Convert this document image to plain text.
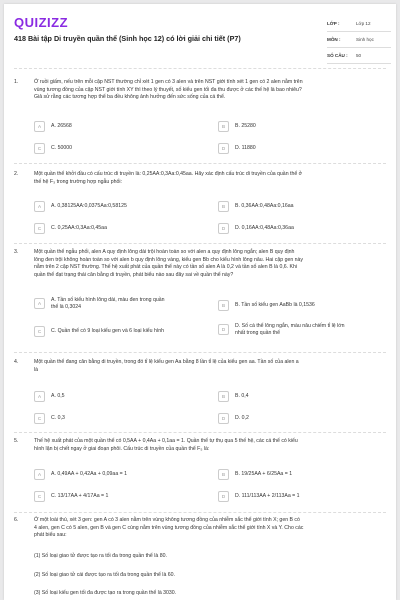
QUIZIZZ
418 Bài tập Di truyền quần thể (Sinh học 12) có lời giải chi tiết (P7)
LỚP :	Lớp 12
MÔN :	Sinh học
SỐ CÂU :	50
1.	Ở ruồi giấm, nếu trên mỗi cặp NST thường chỉ xét 1 gen có 3 alen và trên NST giới tính xét 1 gen có 2 alen nằm trên
vùng tương đồng của cặp NST giới tính XY thì theo lý thuyết, số kiểu gen tối đa thu được ở các thế hệ là bao nhiêu?
Giả sử rằng các tương hợp thể ba đều không ảnh hưởng đến sức sống của cá thể.
A	A. 26568	B	B. 25280
C	C. 50000	D	D. 11880
2.	Một quần thể khởi đầu có cấu trúc di truyền là: 0,25AA:0,3Aa:0,45aa. Hãy xác định cấu trúc di truyền của quần thể ở
thế hệ F₃ trong trường hợp ngẫu phối:
A	A. 0,38125AA:0,0375Aa:0,58125	B	B. 0,36AA:0,48Aa:0,16aa
C	C. 0,25AA:0,3Aa:0,45aa	D	D. 0,16AA:0,48Aa:0,36aa
3.	Một quần thể ngẫu phối, alen A quy định lông dài trội hoàn toàn so với alen a quy định lông ngắn; alen B quy định
lông đen trội không hoàn toàn so với alen b quy định lông vàng, kiểu gen Bb cho kiểu hình lông nâu. Hai cặp gen này
nằm trên 2 cặp NST thường. Thế hệ xuất phát của quần thể này có tần số alen A là 0,2 và tần số alen B là 0,6. Khi
quần thể đạt trạng thái cân bằng di truyền, phát biểu nào sau đây sai về quần thể này?
A
A. Tần số kiểu hình lông dài, màu đen trong quần
thể là 0,3024	B	B. Tần số kiểu gen AaBb là 0,1536
C	C. Quần thể có 9 loại kiểu gen và 6 loại kiểu hình	D
D. Số cá thể lông ngắn, màu nâu chiếm tỉ lệ lớn
nhất trong quần thể
4.	Một quần thể đang cân bằng di truyền, trong đó tỉ lệ kiểu gen Aa bằng 8 lần tỉ lệ của kiểu gen aa. Tần số của alen a
là
A	A. 0,5	B	B. 0,4
C	C. 0,3	D	D. 0,2
5.	Thế hệ xuất phát của một quần thể có 0,5AA + 0,4Aa + 0,1aa = 1. Quần thể tự thụ qua 5 thế hệ, các cá thể có kiểu
hình lặn bị chết ngay ở giai đoạn phôi. Cấu trúc di truyền của quần thể F₅ là:
A	A. 0,49AA + 0,42Aa + 0,09aa = 1	B	B. 19/25AA + 6/25Aa = 1
C	C. 13/17AA + 4/17Aa = 1	D	D. 111/113AA + 2/113Aa = 1
6.	Ở một loài thú, xét 3 gen: gen A có 3 alen nằm trên vùng không tương đồng của nhiễm sắc thể giới tính X; gen B có
4 alen, gen C có 5 alen, gen B và gen C cùng nằm trên vùng tương đồng của nhiễm sắc thể giới tính X và Y. Cho các
phát biểu sau:
(1) Số loại giao tử được tạo ra tối đa trong quần thể là 80.
(2) Số loại giao tử cái được tạo ra tối đa trong quần thể là 60.
(3) Số loại kiểu gen tối đa được tạo ra trong quần thể là 3030.
